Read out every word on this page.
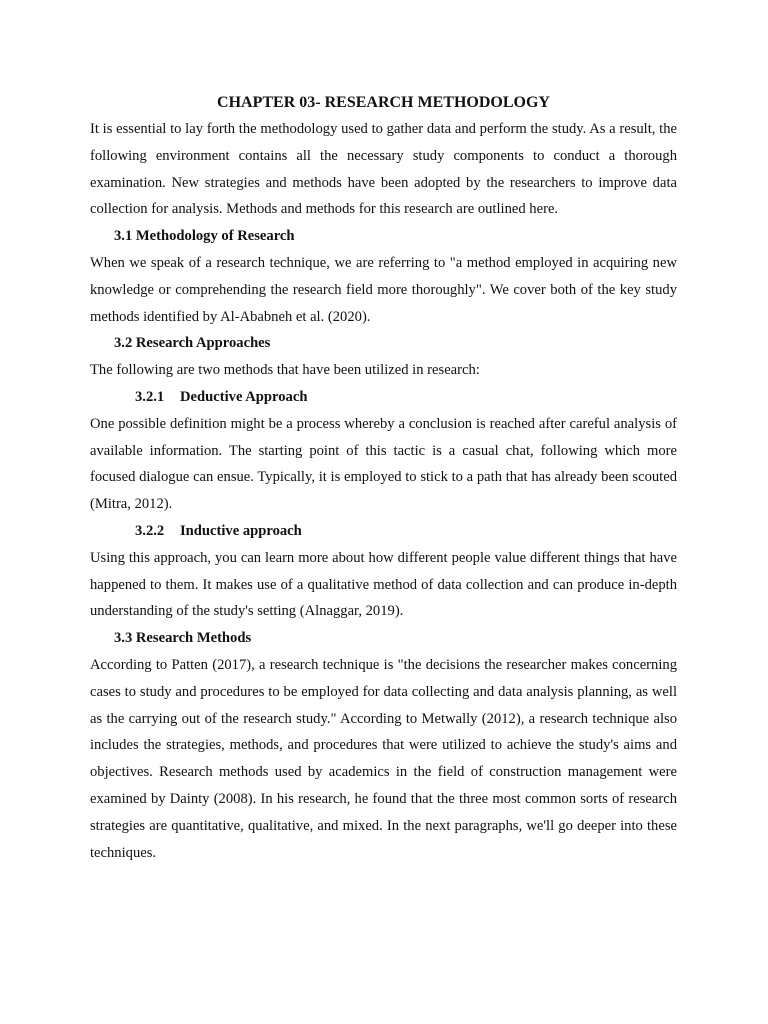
CHAPTER 03- RESEARCH METHODOLOGY

It is essential to lay forth the methodology used to gather data and perform the study. As a result, the following environment contains all the necessary study components to conduct a thorough examination. New strategies and methods have been adopted by the researchers to improve data collection for analysis. Methods and methods for this research are outlined here.

3.1 Methodology of Research

When we speak of a research technique, we are referring to "a method employed in acquiring new knowledge or comprehending the research field more thoroughly". We cover both of the key study methods identified by Al-Ababneh et al. (2020).

3.2 Research Approaches

The following are two methods that have been utilized in research:

3.2.1 Deductive Approach

One possible definition might be a process whereby a conclusion is reached after careful analysis of available information. The starting point of this tactic is a casual chat, following which more focused dialogue can ensue. Typically, it is employed to stick to a path that has already been scouted (Mitra, 2012).

3.2.2 Inductive approach

Using this approach, you can learn more about how different people value different things that have happened to them. It makes use of a qualitative method of data collection and can produce in-depth understanding of the study's setting (Alnaggar, 2019).

3.3 Research Methods

According to Patten (2017), a research technique is "the decisions the researcher makes concerning cases to study and procedures to be employed for data collecting and data analysis planning, as well as the carrying out of the research study." According to Metwally (2012), a research technique also includes the strategies, methods, and procedures that were utilized to achieve the study's aims and objectives. Research methods used by academics in the field of construction management were examined by Dainty (2008). In his research, he found that the three most common sorts of research strategies are quantitative, qualitative, and mixed. In the next paragraphs, we'll go deeper into these techniques.
